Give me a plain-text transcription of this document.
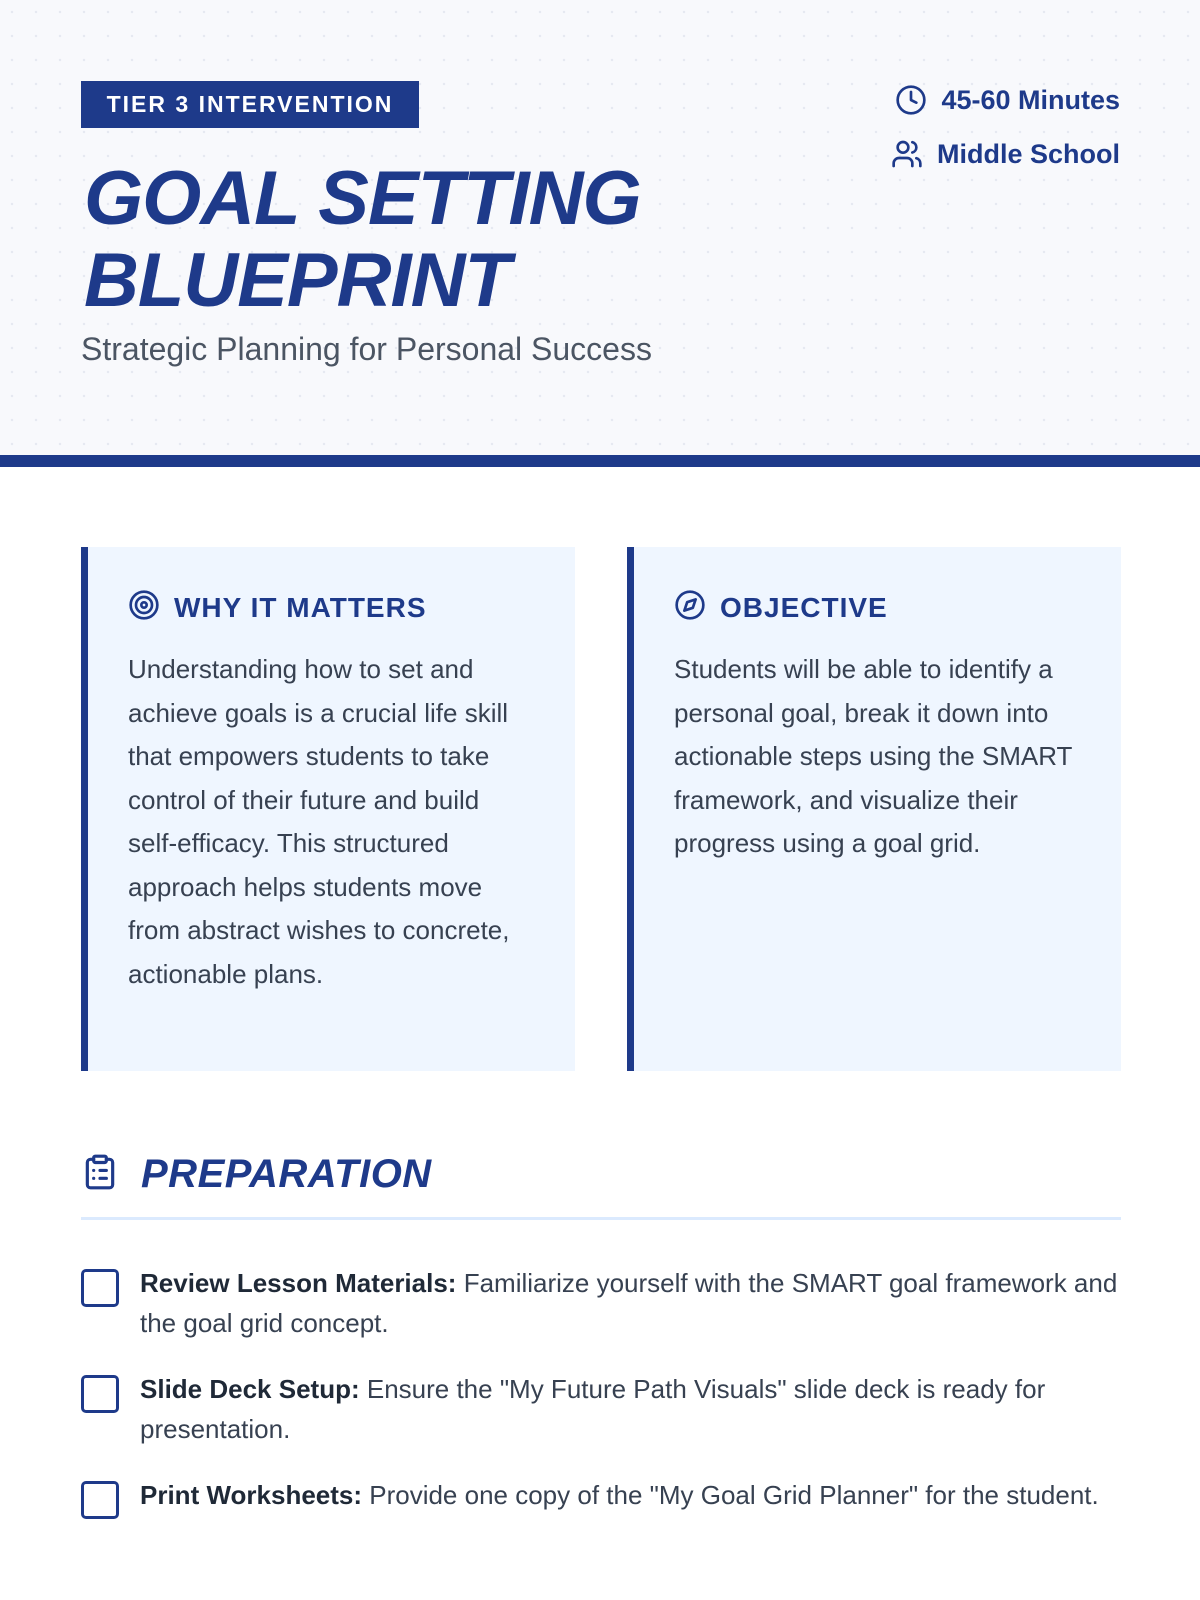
TIER 3 INTERVENTION
GOAL SETTING
BLUEPRINT
Strategic Planning for Personal Success
45-60 Minutes
Middle School
WHY IT MATTERS

Understanding how to set and achieve goals is a crucial life skill that empowers students to take control of their future and build self-efficacy. This structured approach helps students move from abstract wishes to concrete, actionable plans.

OBJECTIVE

Students will be able to identify a personal goal, break it down into actionable steps using the SMART framework, and visualize their progress using a goal grid.

PREPARATION
Review Lesson Materials: Familiarize yourself with the SMART goal framework and the goal grid concept.
Slide Deck Setup: Ensure the "My Future Path Visuals" slide deck is ready for presentation.
Print Worksheets: Provide one copy of the "My Goal Grid Planner" for the student.
